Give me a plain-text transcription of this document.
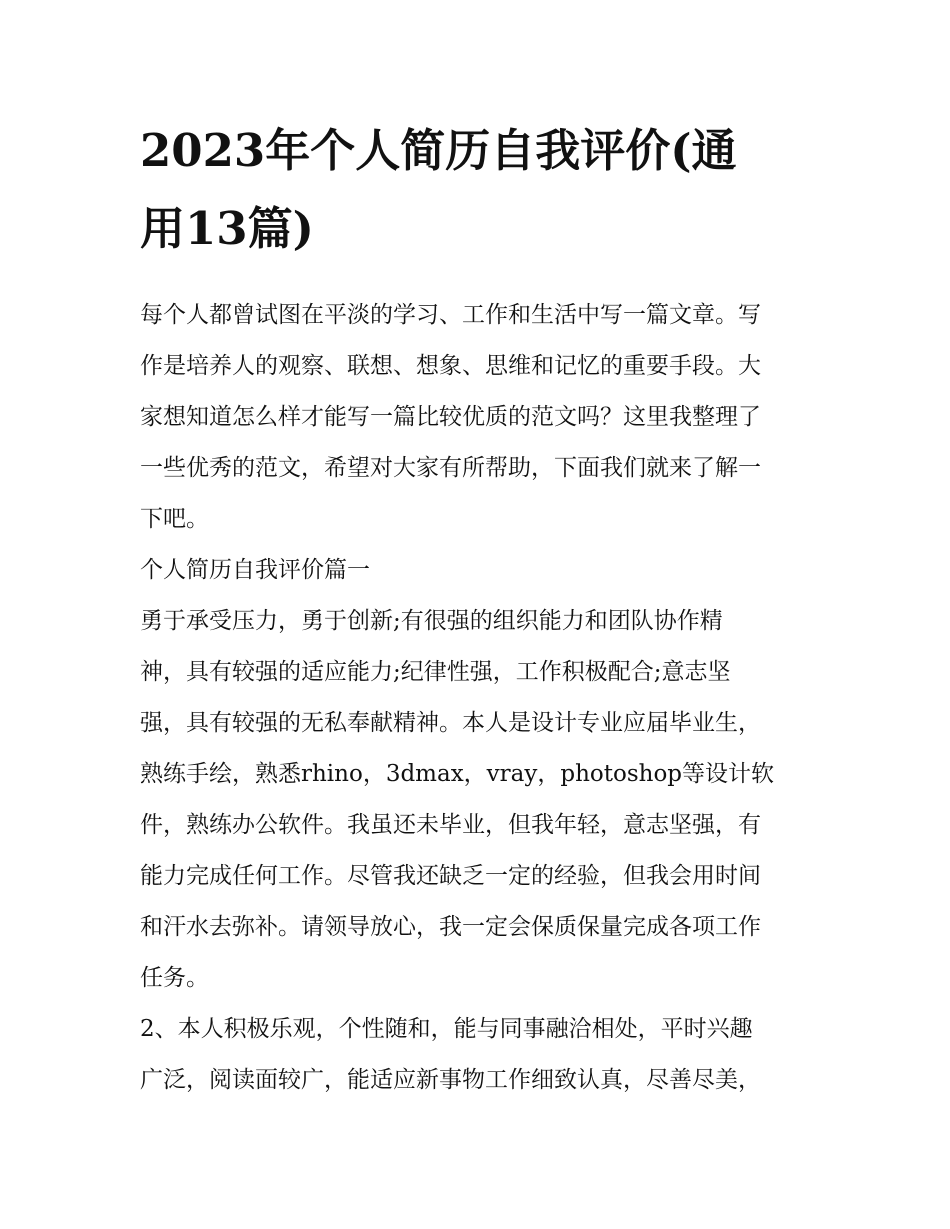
2023年个人简历自我评价(通
用13篇)
每个人都曾试图在平淡的学习、工作和生活中写一篇文章。写
作是培养人的观察、联想、想象、思维和记忆的重要手段。大
家想知道怎么样才能写一篇比较优质的范文吗？这里我整理了
一些优秀的范文，希望对大家有所帮助，下面我们就来了解一
下吧。
个人简历自我评价篇一
勇于承受压力，勇于创新;有很强的组织能力和团队协作精
神，具有较强的适应能力;纪律性强，工作积极配合;意志坚
强，具有较强的无私奉献精神。本人是设计专业应届毕业生，
熟练手绘，熟悉rhino，3dmax，vray，photoshop等设计软
件，熟练办公软件。我虽还未毕业，但我年轻，意志坚强，有
能力完成任何工作。尽管我还缺乏一定的经验，但我会用时间
和汗水去弥补。请领导放心，我一定会保质保量完成各项工作
任务。
2、本人积极乐观，个性随和，能与同事融洽相处，平时兴趣
广泛，阅读面较广，能适应新事物工作细致认真，尽善尽美，
